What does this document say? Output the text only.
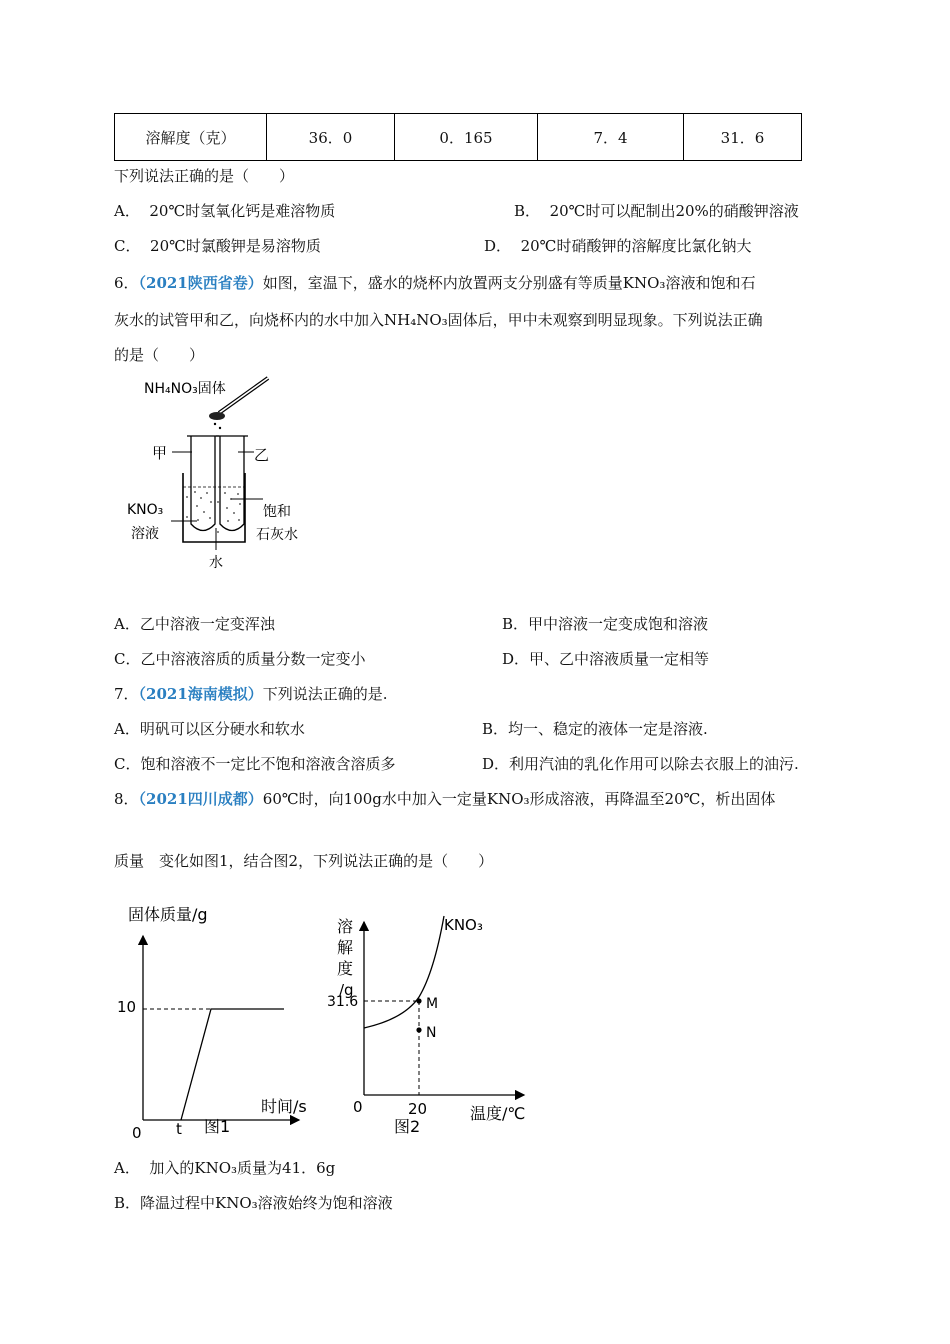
溶解度（克）	36．0	0．165	7．4	31．6
下列说法正确的是（　　）
A． 20℃时氢氧化钙是难溶物质	B． 20℃时可以配制出20%的硝酸钾溶液
C． 20℃时氯酸钾是易溶物质	D． 20℃时硝酸钾的溶解度比氯化钠大
6．（2021陕西省卷）如图，室温下，盛水的烧杯内放置两支分别盛有等质量KNO₃溶液和饱和石
灰水的试管甲和乙，向烧杯内的水中加入NH₄NO₃固体后，甲中未观察到明显现象。下列说法正确
的是（　　）
NH₄NO₃固体
甲	乙
KNO₃
溶液
饱和
石灰水
水
A．乙中溶液一定变浑浊	B．甲中溶液一定变成饱和溶液
C．乙中溶液溶质的质量分数一定变小	D．甲、乙中溶液质量一定相等
7．（2021海南模拟）下列说法正确的是.
A．明矾可以区分硬水和软水	B．均一、稳定的液体一定是溶液.
C．饱和溶液不一定比不饱和溶液含溶质多	D．利用汽油的乳化作用可以除去衣服上的油污.
8．（2021四川成都）60℃时，向100g水中加入一定量KNO₃形成溶液，再降温至20℃，析出固体
质量　变化如图1，结合图2，下列说法正确的是（　　）
固体质量/g
10
0 t
时间/s
图1
溶
解
度
/g
KNO₃
M
N
31.6
0	20	温度/℃
图2
A． 加入的KNO₃质量为41．6g
B．降温过程中KNO₃溶液始终为饱和溶液
